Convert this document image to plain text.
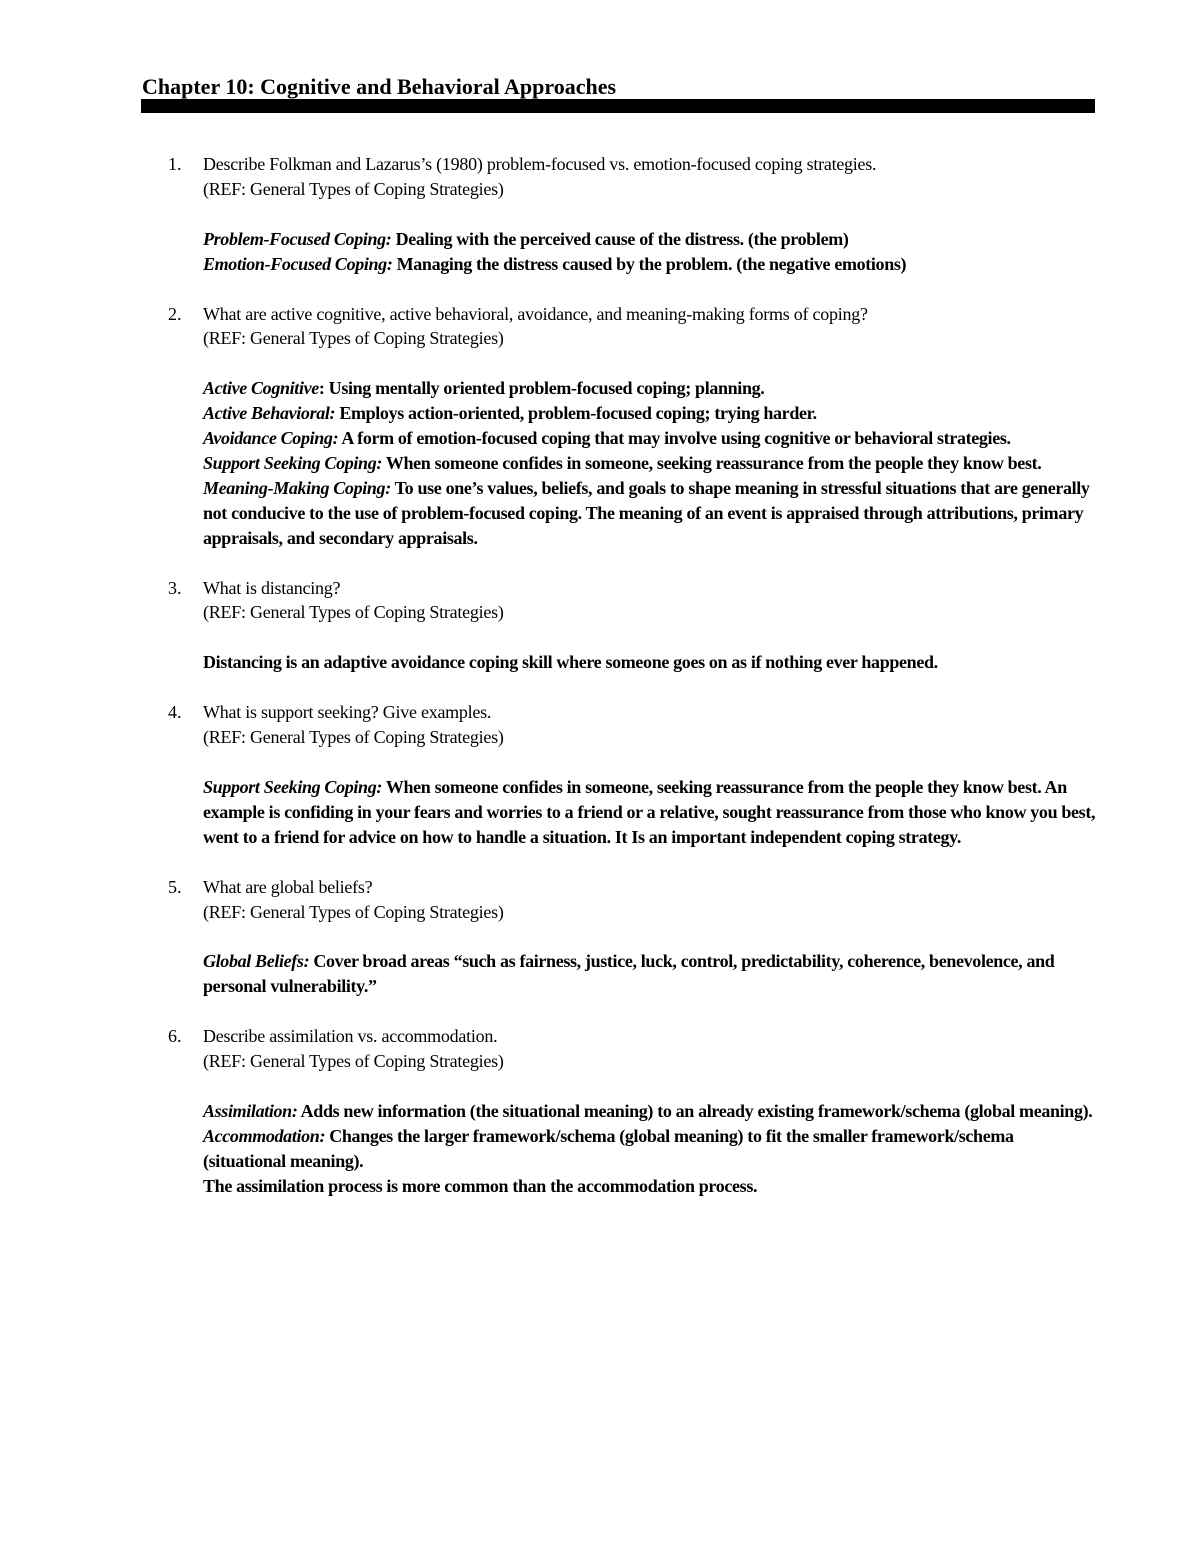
Chapter 10: Cognitive and Behavioral Approaches
1.	Describe Folkman and Lazarus’s (1980) problem-focused vs. emotion-focused coping strategies.
(REF: General Types of Coping Strategies)
Problem-Focused Coping: Dealing with the perceived cause of the distress. (the problem)
Emotion-Focused Coping: Managing the distress caused by the problem. (the negative emotions)
2.	What are active cognitive, active behavioral, avoidance, and meaning-making forms of coping?
(REF: General Types of Coping Strategies)
Active Cognitive: Using mentally oriented problem-focused coping; planning.
Active Behavioral: Employs action-oriented, problem-focused coping; trying harder.
Avoidance Coping: A form of emotion-focused coping that may involve using cognitive or behavioral strategies.
Support Seeking Coping: When someone confides in someone, seeking reassurance from the people they know best.
Meaning-Making Coping: To use one’s values, beliefs, and goals to shape meaning in stressful situations that are generally not conducive to the use of problem-focused coping. The meaning of an event is appraised through attributions, primary appraisals, and secondary appraisals.
3.	What is distancing?
(REF: General Types of Coping Strategies)
Distancing is an adaptive avoidance coping skill where someone goes on as if nothing ever happened.
4.	What is support seeking? Give examples.
(REF: General Types of Coping Strategies)
Support Seeking Coping: When someone confides in someone, seeking reassurance from the people they know best. An example is confiding in your fears and worries to a friend or a relative, sought reassurance from those who know you best, went to a friend for advice on how to handle a situation. It Is an important independent coping strategy.
5.	What are global beliefs?
(REF: General Types of Coping Strategies)
Global Beliefs: Cover broad areas “such as fairness, justice, luck, control, predictability, coherence, benevolence, and personal vulnerability.”
6.	Describe assimilation vs. accommodation.
(REF: General Types of Coping Strategies)
Assimilation: Adds new information (the situational meaning) to an already existing framework/schema (global meaning).
Accommodation: Changes the larger framework/schema (global meaning) to fit the smaller framework/schema (situational meaning).
The assimilation process is more common than the accommodation process.
